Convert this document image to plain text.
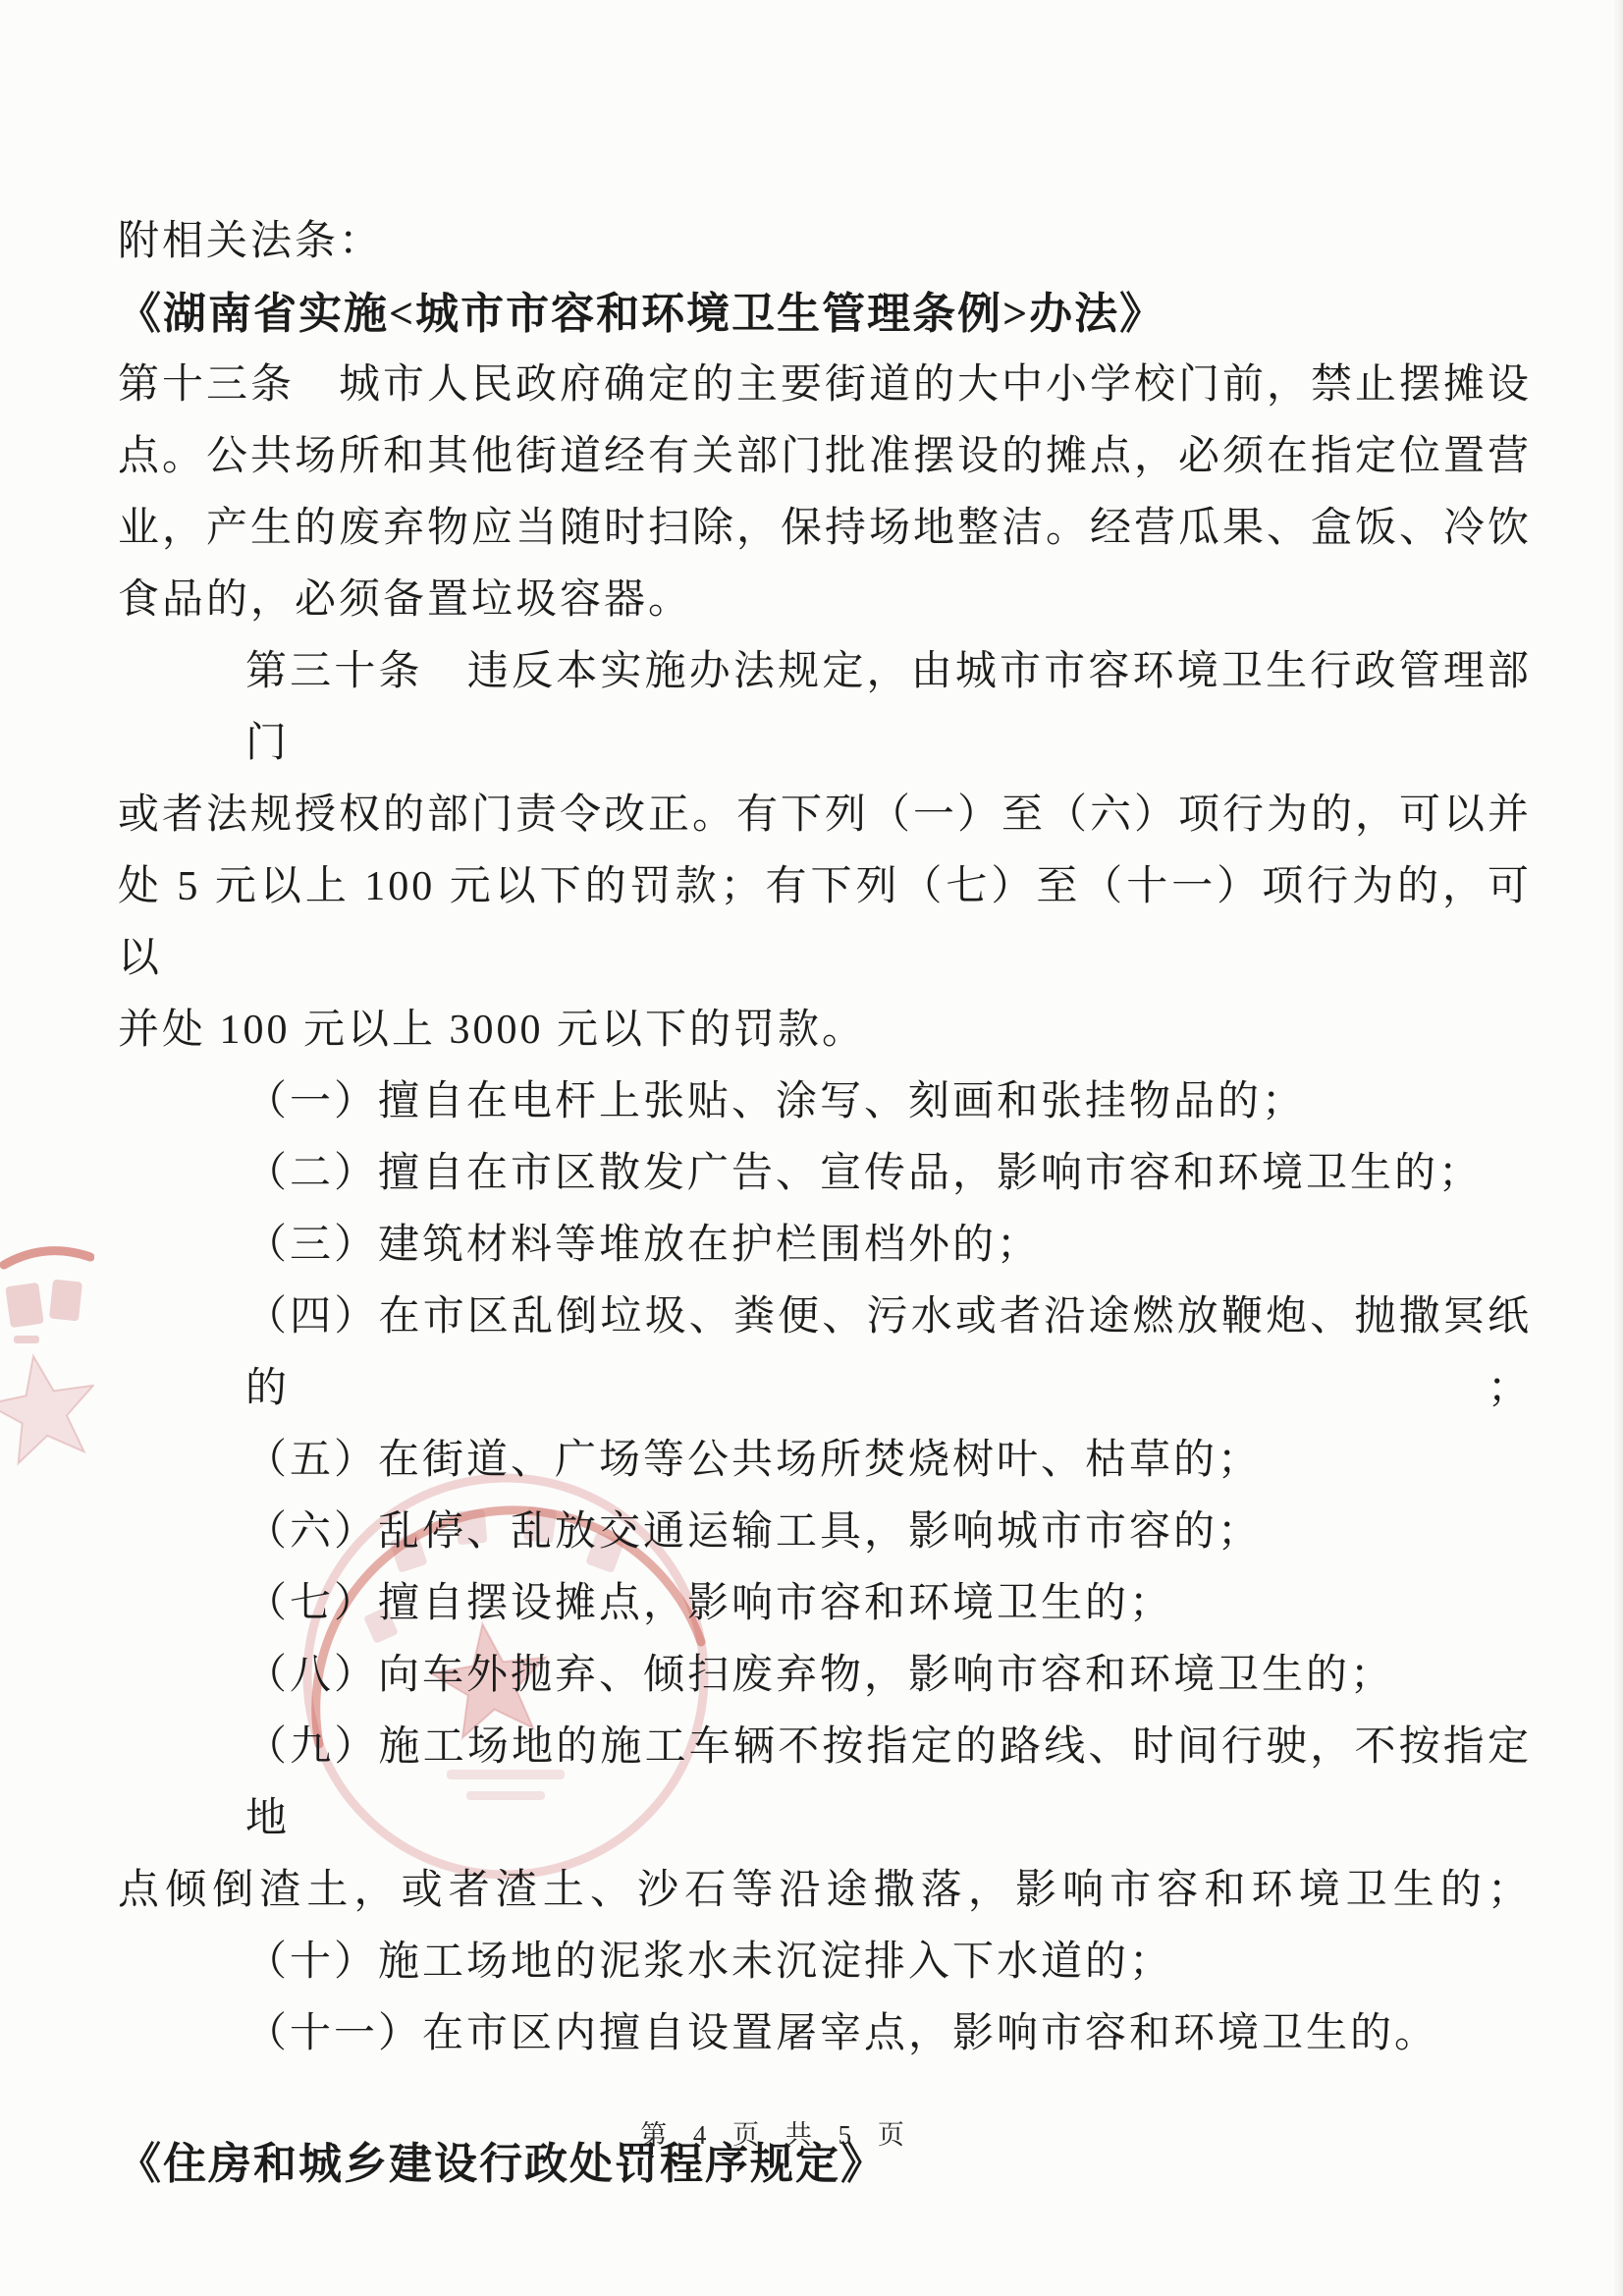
附相关法条：

《湖南省实施<城市市容和环境卫生管理条例>办法》

第十三条　城市人民政府确定的主要街道的大中小学校门前，禁止摆摊设

点。公共场所和其他街道经有关部门批准摆设的摊点，必须在指定位置营

业，产生的废弃物应当随时扫除，保持场地整洁。经营瓜果、盒饭、冷饮

食品的，必须备置垃圾容器。

第三十条　违反本实施办法规定，由城市市容环境卫生行政管理部门

或者法规授权的部门责令改正。有下列（一）至（六）项行为的，可以并

处 5 元以上 100 元以下的罚款；有下列（七）至（十一）项行为的，可以

并处 100 元以上 3000 元以下的罚款。

（一）擅自在电杆上张贴、涂写、刻画和张挂物品的；

（二）擅自在市区散发广告、宣传品，影响市容和环境卫生的；

（三）建筑材料等堆放在护栏围档外的；

（四）在市区乱倒垃圾、粪便、污水或者沿途燃放鞭炮、抛撒冥纸的；

（五）在街道、广场等公共场所焚烧树叶、枯草的；

（六）乱停、乱放交通运输工具，影响城市市容的；

（七）擅自摆设摊点，影响市容和环境卫生的；

（八）向车外抛弃、倾扫废弃物，影响市容和环境卫生的；

（九）施工场地的施工车辆不按指定的路线、时间行驶，不按指定地

点倾倒渣土，或者渣土、沙石等沿途撒落，影响市容和环境卫生的；

（十）施工场地的泥浆水未沉淀排入下水道的；

（十一）在市区内擅自设置屠宰点，影响市容和环境卫生的。

《住房和城乡建设行政处罚程序规定》

第 4 页 共 5 页
